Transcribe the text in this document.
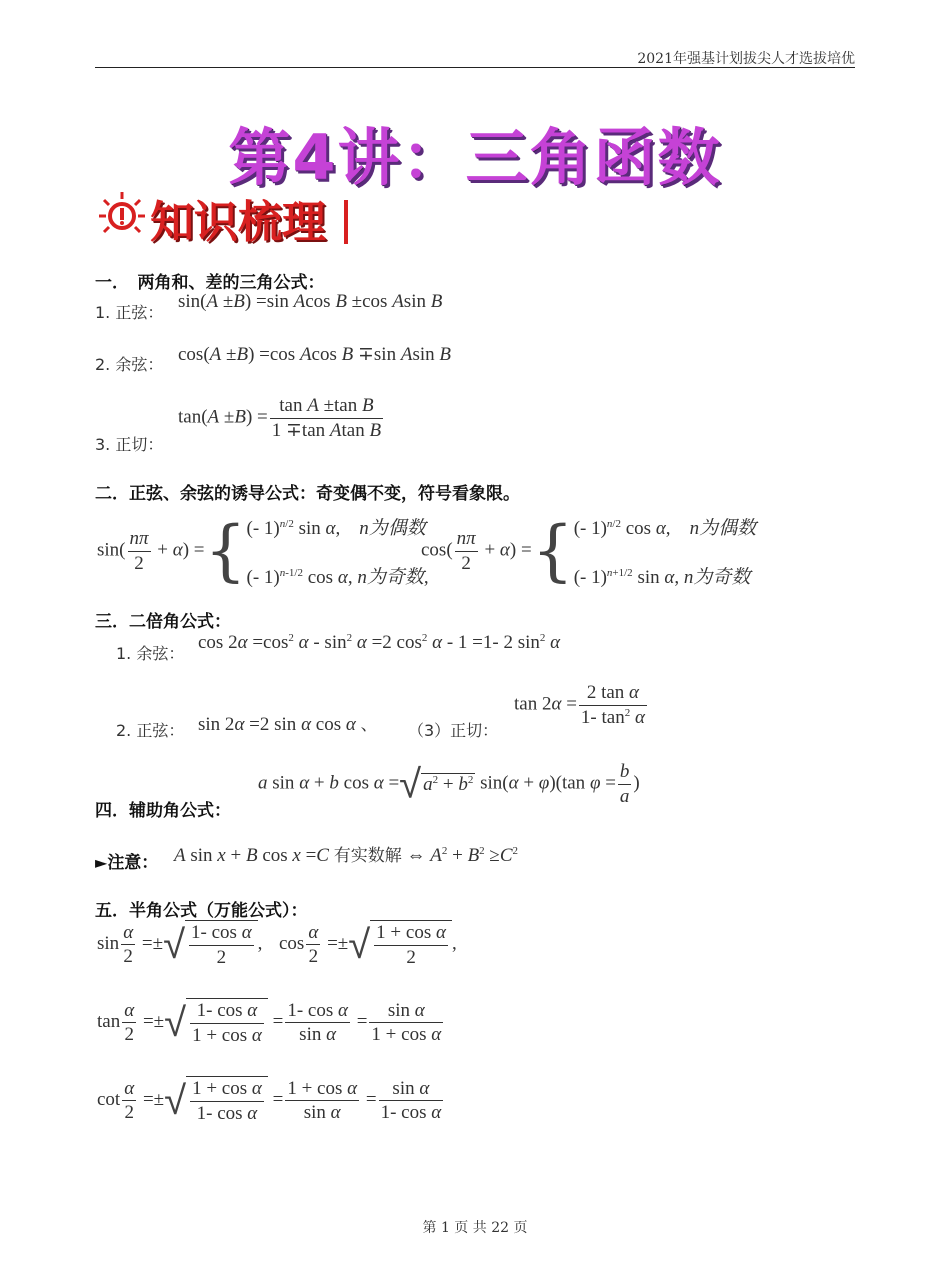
2021年强基计划拔尖人才选拔培优
第4讲：三角函数
知识梳理
一．　两角和、差的三角公式：
1. 正弦：
sin(A ±B) =sin Acos B ±cos Asin B
2. 余弦： cos(A ±B) =cos Acos B ∓sin Asin B
3. 正切：
$\tan(A \pm B) = \frac{\text{tan A ±tan B}}{\text{1 ∓tan Atan B}}$
二．正弦、余弦的诱导公式：奇变偶不变，符号看象限。
$\sin( \frac{n\pi}{2} + \alpha)$ ={ (- 1)$^{n/2}$ sin α,　n为偶数
(- 1)$^{n-1/2}$ cos α, n为奇数,
$\cos( \frac{n\pi}{2} + \alpha)$ ={ (- 1)$^{n/2}$ cos α,　n为偶数
(- 1)$^{n+1/2}$ sin α, n为奇数
三．二倍角公式：
1. 余弦：
$\cos 2\alpha =\cos^2$ $\alpha - \sin^2 \alpha =2$ $\cos^2 \alpha - 1 =1-$ 2 $\sin^2 \alpha$
2. 正弦： sin 2α =2 sin α cos α 、 （3）正切：
$\tan 2\alpha = \frac{\text{2 tan α}}{1- \tan^2 \alpha}$
四．辅助角公式：
a sin α + b cos α =√ $a^2 + b^2$ sin(α + φ)(tan $\varphi = \frac{b}{a}$ )
►注意： A sin x + B cos x =C 有实数解 ⇔ $A^2 + B^2 \ge C^2$
五．半角公式（万能公式）：
$\sin \frac{\alpha}{2}$ =±√ $\frac{\text{1- cos α}}{2}$ , $\cos \frac{\alpha}{2}$ =±√ $\frac{\text{1 + cos α}}{2}$ ,
$\tan \frac{\alpha}{2}$ =±√ $\frac{\text{1- cos α}}{\text{1 + cos α}} = \frac{\text{1- cos α}}{\text{sin α}} = \frac{\text{sin α}}{\text{1 + cos α}}$
$\cot \frac{\alpha}{2}$ =±√ $\frac{\text{1 + cos α}}{\text{1- cos α}} = \frac{\text{1 + cos α}}{\text{sin α}} = \frac{\text{sin α}}{\text{1- cos α}}$
第 1 页 共 22 页
